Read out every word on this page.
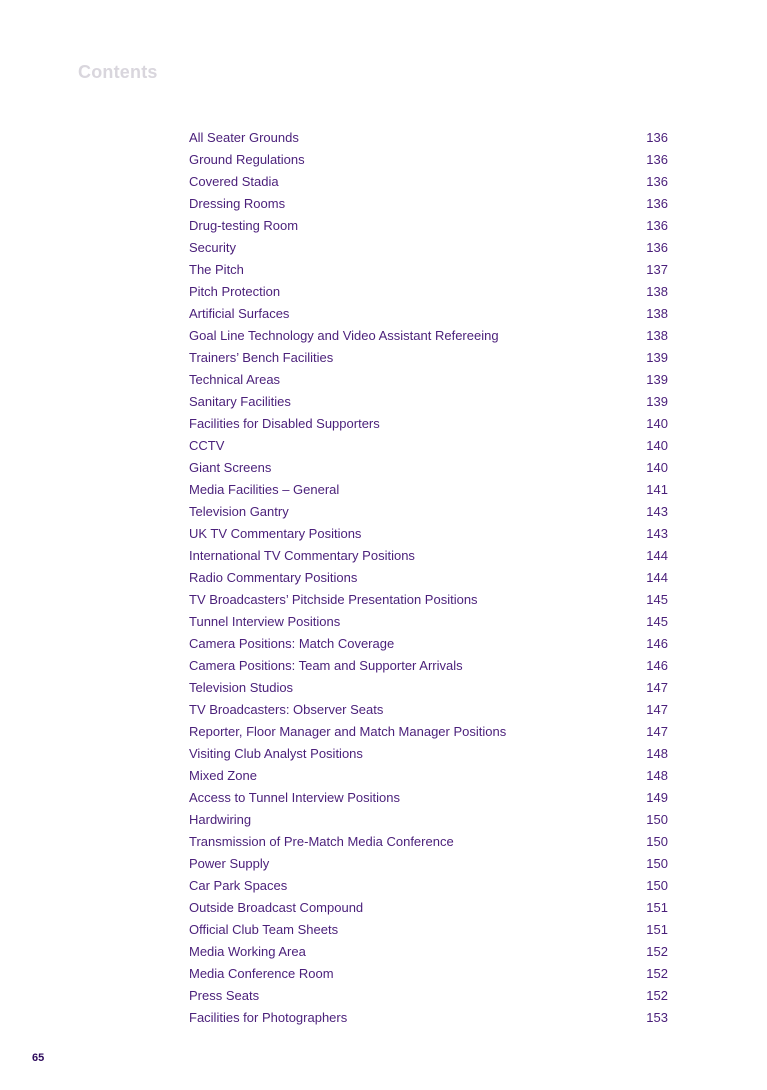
Contents
All Seater Grounds	136
Ground Regulations	136
Covered Stadia	136
Dressing Rooms	136
Drug-testing Room	136
Security	136
The Pitch	137
Pitch Protection	138
Artificial Surfaces	138
Goal Line Technology and Video Assistant Refereeing	138
Trainers’ Bench Facilities	139
Technical Areas	139
Sanitary Facilities	139
Facilities for Disabled Supporters	140
CCTV	140
Giant Screens	140
Media Facilities – General	141
Television Gantry	143
UK TV Commentary Positions	143
International TV Commentary Positions	144
Radio Commentary Positions	144
TV Broadcasters’ Pitchside Presentation Positions	145
Tunnel Interview Positions	145
Camera Positions: Match Coverage	146
Camera Positions: Team and Supporter Arrivals	146
Television Studios	147
TV Broadcasters: Observer Seats	147
Reporter, Floor Manager and Match Manager Positions	147
Visiting Club Analyst Positions	148
Mixed Zone	148
Access to Tunnel Interview Positions	149
Hardwiring	150
Transmission of Pre-Match Media Conference	150
Power Supply	150
Car Park Spaces	150
Outside Broadcast Compound	151
Official Club Team Sheets	151
Media Working Area	152
Media Conference Room	152
Press Seats	152
Facilities for Photographers	153
65
